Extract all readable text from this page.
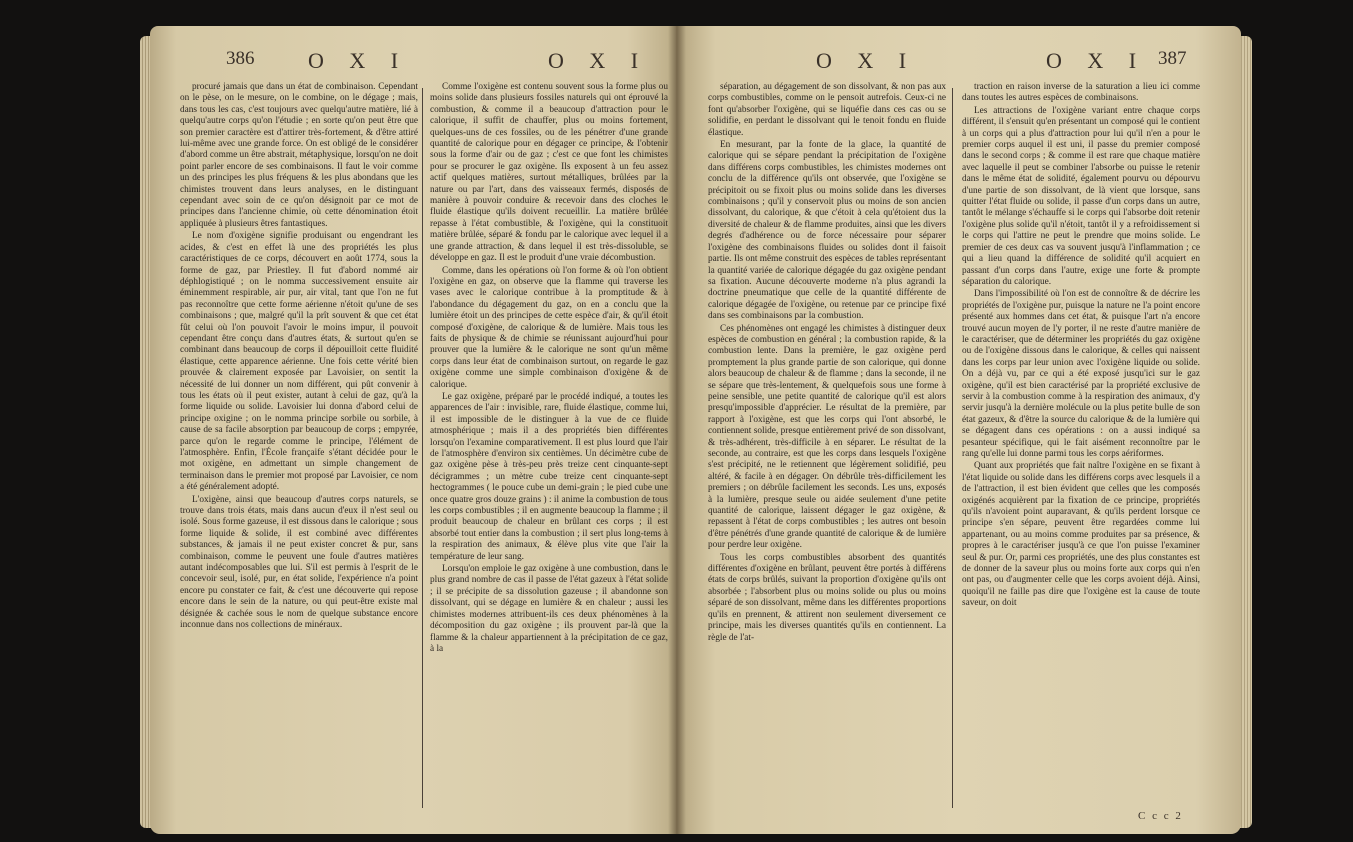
386 O X I	O X I

procuré jamais que dans un état de combinaison. Cependant on le pèse, on le mesure, on le combine, on le dégage ; mais, dans tous les cas, c'est toujours avec quelqu'autre matière, lié à quelqu'autre corps qu'on l'étudie ; en sorte qu'on peut être que son premier caractère est d'attirer très-fortement, & d'être attiré lui-même avec une grande force. On est obligé de le considérer d'abord comme un être abstrait, métaphysique, lorsqu'on ne doit point parler encore de ses combinaisons. Il faut le voir comme un des principes les plus fréquens & les plus abondans que les chimistes trouvent dans leurs analyses, en le distinguant cependant avec soin de ce qu'on désignoit par ce mot de principes dans l'ancienne chimie, où cette dénomination étoit appliquée à plusieurs êtres fantastiques.

Le nom d'oxigène signifie produisant ou engendrant les acides, & c'est en effet là une des propriétés les plus caractéristiques de ce corps, découvert en août 1774, sous la forme de gaz, par Priestley. Il fut d'abord nommé air déphlogistiqué ; on le nomma successivement ensuite air éminemment respirable, air pur, air vital, tant que l'on ne fut pas reconnoître que cette forme aérienne n'étoit qu'une de ses combinaisons ; que, malgré qu'il la prît souvent & que cet état fût celui où l'on pouvoit l'avoir le moins impur, il pouvoit cependant être conçu dans d'autres états, & surtout qu'en se combinant dans beaucoup de corps il dépouilloit cette fluidité élastique, cette apparence aérienne. Une fois cette vérité bien prouvée & clairement exposée par Lavoisier, on sentit la nécessité de lui donner un nom différent, qui pût convenir à tous les états où il peut exister, autant à celui de gaz, qu'à la forme liquide ou solide. Lavoisier lui donna d'abord celui de principe oxigine ; on le nomma principe sorbile ou sorbile, à cause de sa facile absorption par beaucoup de corps ; empyrée, parce qu'on le regarde comme le principe, l'élément de l'atmosphère. Enfin, l'École françaife s'étant décidée pour le mot oxigène, en admettant un simple changement de terminaison dans le premier mot proposé par Lavoisier, ce nom a été généralement adopté.

L'oxigène, ainsi que beaucoup d'autres corps naturels, se trouve dans trois états, mais dans aucun d'eux il n'est seul ou isolé. Sous forme gazeuse, il est dissous dans le calorique ; sous forme liquide & solide, il est combiné avec différentes substances, & jamais il ne peut exister concret & pur, sans combinaison, comme le peuvent une foule d'autres matières autant indécomposables que lui. S'il est permis à l'esprit de le concevoir seul, isolé, pur, en état solide, l'expérience n'a point encore pu constater ce fait, & c'est une découverte qui repose encore dans le sein de la nature, ou qui peut-être existe mal désignée & cachée sous le nom de quelque substance encore inconnue dans nos collections de minéraux.

Comme l'oxigène est contenu souvent sous la forme plus ou moins solide dans plusieurs fossiles naturels qui ont éprouvé la combustion, & comme il a beaucoup d'attraction pour le calorique, il suffit de chauffer, plus ou moins fortement, quelques-uns de ces fossiles, ou de les pénétrer d'une grande quantité de calorique pour en dégager ce principe, & l'obtenir sous la forme d'air ou de gaz ; c'est ce que font les chimistes pour se procurer le gaz oxigène. Ils exposent à un feu assez actif quelques matières, surtout métalliques, brûlées par la nature ou par l'art, dans des vaisseaux fermés, disposés de manière à pouvoir conduire & recevoir dans des cloches le fluide élastique qu'ils doivent recueillir. La matière brûlée repasse à l'état combustible, & l'oxigène, qui la constituoit matière brûlée, séparé & fondu par le calorique avec lequel il a une grande attraction, & dans lequel il est très-dissoluble, se développe en gaz. Il est le produit d'une vraie décombustion.

Comme, dans les opérations où l'on forme & où l'on obtient l'oxigène en gaz, on observe que la flamme qui traverse les vases avec le calorique contribue à la promptitude & à l'abondance du dégagement du gaz, on en a conclu que la lumière étoit un des principes de cette espèce d'air, & qu'il étoit composé d'oxigène, de calorique & de lumière. Mais tous les faits de physique & de chimie se réunissant aujourd'hui pour prouver que la lumière & le calorique ne sont qu'un même corps dans leur état de combinaison surtout, on regarde le gaz oxigène comme une simple combinaison d'oxigène & de calorique.

Le gaz oxigène, préparé par le procédé indiqué, a toutes les apparences de l'air : invisible, rare, fluide élastique, comme lui, il est impossible de le distinguer à la vue de ce fluide atmosphérique ; mais il a des propriétés bien différentes lorsqu'on l'examine comparativement. Il est plus lourd que l'air de l'atmosphère d'environ six centièmes. Un décimètre cube de gaz oxigène pèse à très-peu près treize cent cinquante-sept décigrammes ; un mètre cube treize cent cinquante-sept hectogrammes ( le pouce cube un demi-grain ; le pied cube une once quatre gros douze grains ) : il anime la combustion de tous les corps combustibles ; il en augmente beaucoup la flamme ; il produit beaucoup de chaleur en brûlant ces corps ; il est absorbé tout entier dans la combustion ; il sert plus long-tems à la respiration des animaux, & élève plus vite que l'air la température de leur sang.

Lorsqu'on emploie le gaz oxigène à une combustion, dans le plus grand nombre de cas il passe de l'état gazeux à l'état solide ; il se précipite de sa dissolution gazeuse ; il abandonne son dissolvant, qui se dégage en lumière & en chaleur ; aussi les chimistes modernes attribuent-ils ces deux phénomènes à la décomposition du gaz oxigène ; ils prouvent par-là que la flamme & la chaleur appartiennent à la précipitation de ce gaz, à la

O X I	O X I 387

séparation, au dégagement de son dissolvant, & non pas aux corps combustibles, comme on le pensoit autrefois. Ceux-ci ne font qu'absorber l'oxigène, qui se liquéfie dans ces cas ou se solidifie, en perdant le dissolvant qui le tenoit fondu en fluide élastique.

En mesurant, par la fonte de la glace, la quantité de calorique qui se sépare pendant la précipitation de l'oxigène dans différens corps combustibles, les chimistes modernes ont conclu de la différence qu'ils ont observée, que l'oxigène se précipitoit ou se fixoit plus ou moins solide dans les diverses combinaisons ; qu'il y conservoit plus ou moins de son ancien dissolvant, du calorique, & que c'étoit à cela qu'étoient dus la diversité de chaleur & de flamme produites, ainsi que les divers degrés d'adhérence ou de force nécessaire pour séparer l'oxigène des combinaisons fluides ou solides dont il faisoit partie. Ils ont même construit des espèces de tables représentant la quantité variée de calorique dégagée du gaz oxigène pendant sa fixation. Aucune découverte moderne n'a plus agrandi la doctrine pneumatique que celle de la quantité différente de calorique dégagée de l'oxigène, ou retenue par ce principe fixé dans ses combinaisons par la combustion.

Ces phénomènes ont engagé les chimistes à distinguer deux espèces de combustion en général ; la combustion rapide, & la combustion lente. Dans la première, le gaz oxigène perd promptement la plus grande partie de son calorique, qui donne alors beaucoup de chaleur & de flamme ; dans la seconde, il ne se sépare que très-lentement, & quelquefois sous une forme à peine sensible, une petite quantité de calorique qu'il est alors presqu'impossible d'apprécier. Le résultat de la première, par rapport à l'oxigène, est que les corps qui l'ont absorbé, le contiennent solide, presque entièrement privé de son dissolvant, & très-adhérent, très-difficile à en séparer. Le résultat de la seconde, au contraire, est que les corps dans lesquels l'oxigène s'est précipité, ne le retiennent que légèrement solidifié, peu altéré, & facile à en dégager. On débrûle très-difficilement les premiers ; on débrûle facilement les seconds. Les uns, exposés à la lumière, presque seule ou aidée seulement d'une petite quantité de calorique, laissent dégager le gaz oxigène, & repassent à l'état de corps combustibles ; les autres ont besoin d'être pénétrés d'une grande quantité de calorique & de lumière pour perdre leur oxigène.

Tous les corps combustibles absorbent des quantités différentes d'oxigène en brûlant, peuvent être portés à différens états de corps brûlés, suivant la proportion d'oxigène qu'ils ont absorbée ; l'absorbent plus ou moins solide ou plus ou moins séparé de son dissolvant, même dans les différentes proportions qu'ils en prennent, & attirent non seulement diversement ce principe, mais les diverses quantités qu'ils en contiennent. La règle de l'at-

traction en raison inverse de la saturation a lieu ici comme dans toutes les autres espèces de combinaisons.

Les attractions de l'oxigène variant entre chaque corps différent, il s'ensuit qu'en présentant un composé qui le contient à un corps qui a plus d'attraction pour lui qu'il n'en a pour le premier corps auquel il est uni, il passe du premier composé dans le second corps ; & comme il est rare que chaque matière avec laquelle il peut se combiner l'absorbe ou puisse le retenir dans le même état de solidité, également pourvu ou dépourvu d'une partie de son dissolvant, de là vient que lorsque, sans quitter l'état fluide ou solide, il passe d'un corps dans un autre, tantôt le mélange s'échauffe si le corps qui l'absorbe doit retenir l'oxigène plus solide qu'il n'étoit, tantôt il y a refroidissement si le corps qui l'attire ne peut le prendre que moins solide. Le premier de ces deux cas va souvent jusqu'à l'inflammation ; ce qui a lieu quand la différence de solidité qu'il acquiert en passant d'un corps dans l'autre, exige une forte & prompte séparation du calorique.

Dans l'impossibilité où l'on est de connoître & de décrire les propriétés de l'oxigène pur, puisque la nature ne l'a point encore présenté aux hommes dans cet état, & puisque l'art n'a encore trouvé aucun moyen de l'y porter, il ne reste d'autre manière de le caractériser, que de déterminer les propriétés du gaz oxigène ou de l'oxigène dissous dans le calorique, & celles qui naissent dans les corps par leur union avec l'oxigène liquide ou solide. On a déjà vu, par ce qui a été exposé jusqu'ici sur le gaz oxigène, qu'il est bien caractérisé par la propriété exclusive de servir à la combustion comme à la respiration des animaux, d'y servir jusqu'à la dernière molécule ou la plus petite bulle de son état gazeux, & d'être la source du calorique & de la lumière qui se dégagent dans ces opérations : on a aussi indiqué sa pesanteur spécifique, qui le fait aisément reconnoître par le rang qu'elle lui donne parmi tous les corps aériformes.

Quant aux propriétés que fait naître l'oxigène en se fixant à l'état liquide ou solide dans les différens corps avec lesquels il a de l'attraction, il est bien évident que celles que les composés oxigénés acquièrent par la fixation de ce principe, propriétés qu'ils n'avoient point auparavant, & qu'ils perdent lorsque ce principe s'en sépare, peuvent être regardées comme lui appartenant, ou au moins comme produites par sa présence, & propres à le caractériser jusqu'à ce que l'on puisse l'examiner seul & pur. Or, parmi ces propriétés, une des plus constantes est de donner de la saveur plus ou moins forte aux corps qui n'en ont pas, ou d'augmenter celle que les corps avoient déjà. Ainsi, quoiqu'il ne faille pas dire que l'oxigène est la cause de toute saveur, on doit

C c c 2
